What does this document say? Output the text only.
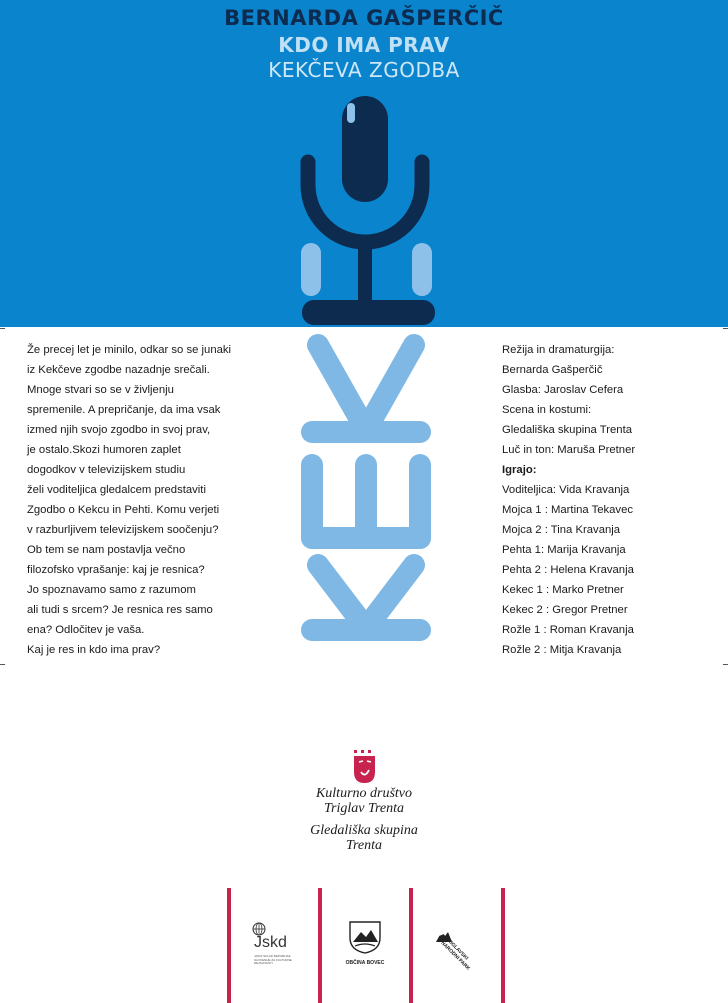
BERNARDA GAŠPERČIČ
KDO IMA PRAV
KEKČEVA ZGODBA
Že precej let je minilo, odkar so se junaki
iz Kekčeve zgodbe nazadnje srečali.
Mnoge stvari so se v življenju
spremenile. A prepričanje, da ima vsak
izmed njih svojo zgodbo in svoj prav,
je ostalo.Skozi humoren zaplet
dogodkov v televizijskem studiu
želi voditeljica gledalcem predstaviti
Zgodbo o Kekcu in Pehti. Komu verjeti
v razburljivem televizijskem soočenju?
Ob tem se nam postavlja večno
filozofsko vprašanje: kaj je resnica?
Jo spoznavamo samo z razumom
ali tudi s srcem? Je resnica res samo
ena? Odločitev je vaša.
Kaj je res in kdo ima prav?
Režija in dramaturgija:
Bernarda Gašperčič
Glasba: Jaroslav Cefera
Scena in kostumi:
Gledališka skupina Trenta
Luč in ton: Maruša Pretner
Igrajo:
Voditeljica: Vida Kravanja
Mojca 1 : Martina Tekavec
Mojca 2 : Tina Kravanja
Pehta 1: Marija Kravanja
Pehta 2 : Helena Kravanja
Kekec 1 : Marko Pretner
Kekec 2 : Gregor Pretner
Rožle 1 : Roman Kravanja
Rožle 2 : Mitja Kravanja
Kulturno društvo
Triglav Trenta
Gledališka skupina
Trenta
Jskd
JAVNI SKLAD REPUBLIKE SLOVENIJE ZA KULTURNE DEJAVNOSTI	OBČINA BOVEC
TRIGLAVSKI NARODNI PARK
